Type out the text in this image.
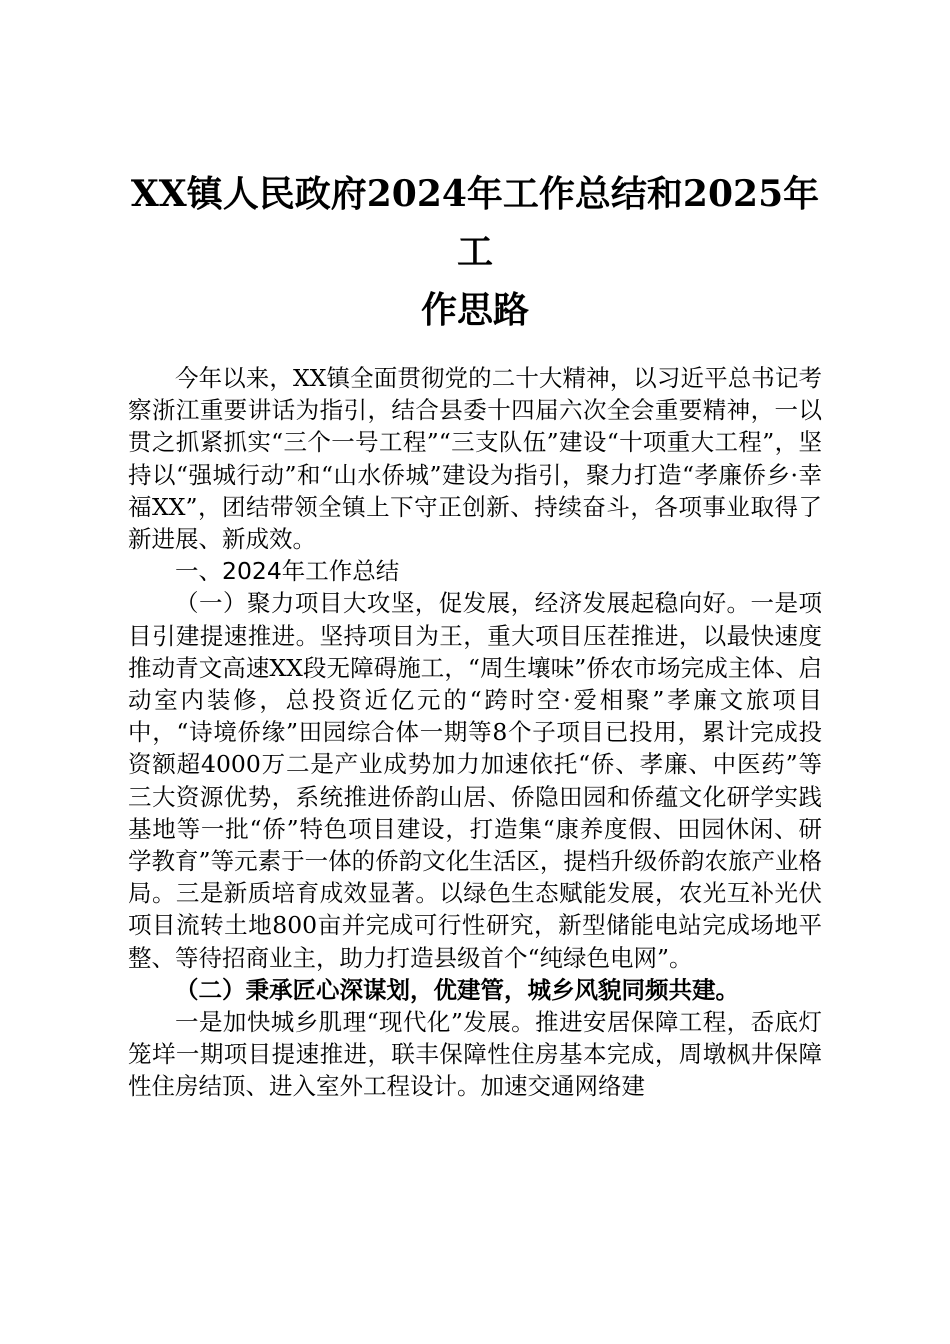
XX镇人民政府2024年工作总结和2025年工
作思路

今年以来，XX镇全面贯彻党的二十大精神，以习近平总书记考察浙江重要讲话为指引，结合县委十四届六次全会重要精神，一以贯之抓紧抓实“三个一号工程”“三支队伍”建设“十项重大工程”，坚持以“强城行动”和“山水侨城”建设为指引，聚力打造“孝廉侨乡·幸福XX”，团结带领全镇上下守正创新、持续奋斗，各项事业取得了新进展、新成效。

一、2024年工作总结

（一）聚力项目大攻坚，促发展，经济发展起稳向好。一是项目引建提速推进。坚持项目为王，重大项目压茬推进，以最快速度推动青文高速XX段无障碍施工，“周生壤味”侨农市场完成主体、启动室内装修，总投资近亿元的“跨时空·爱相聚”孝廉文旅项目中，“诗境侨缘”田园综合体一期等8个子项目已投用，累计完成投资额超4000万二是产业成势加力加速依托“侨、孝廉、中医药”等三大资源优势，系统推进侨韵山居、侨隐田园和侨蕴文化研学实践基地等一批“侨”特色项目建设，打造集“康养度假、田园休闲、研学教育”等元素于一体的侨韵文化生活区，提档升级侨韵农旅产业格局。三是新质培育成效显著。以绿色生态赋能发展，农光互补光伏项目流转土地800亩并完成可行性研究，新型储能电站完成场地平整、等待招商业主，助力打造县级首个“纯绿色电网”。

（二）秉承匠心深谋划，优建管，城乡风貌同频共建。

一是加快城乡肌理“现代化”发展。推进安居保障工程，岙底灯笼垟一期项目提速推进，联丰保障性住房基本完成，周墩枫井保障性住房结顶、进入室外工程设计。加速交通网络建
